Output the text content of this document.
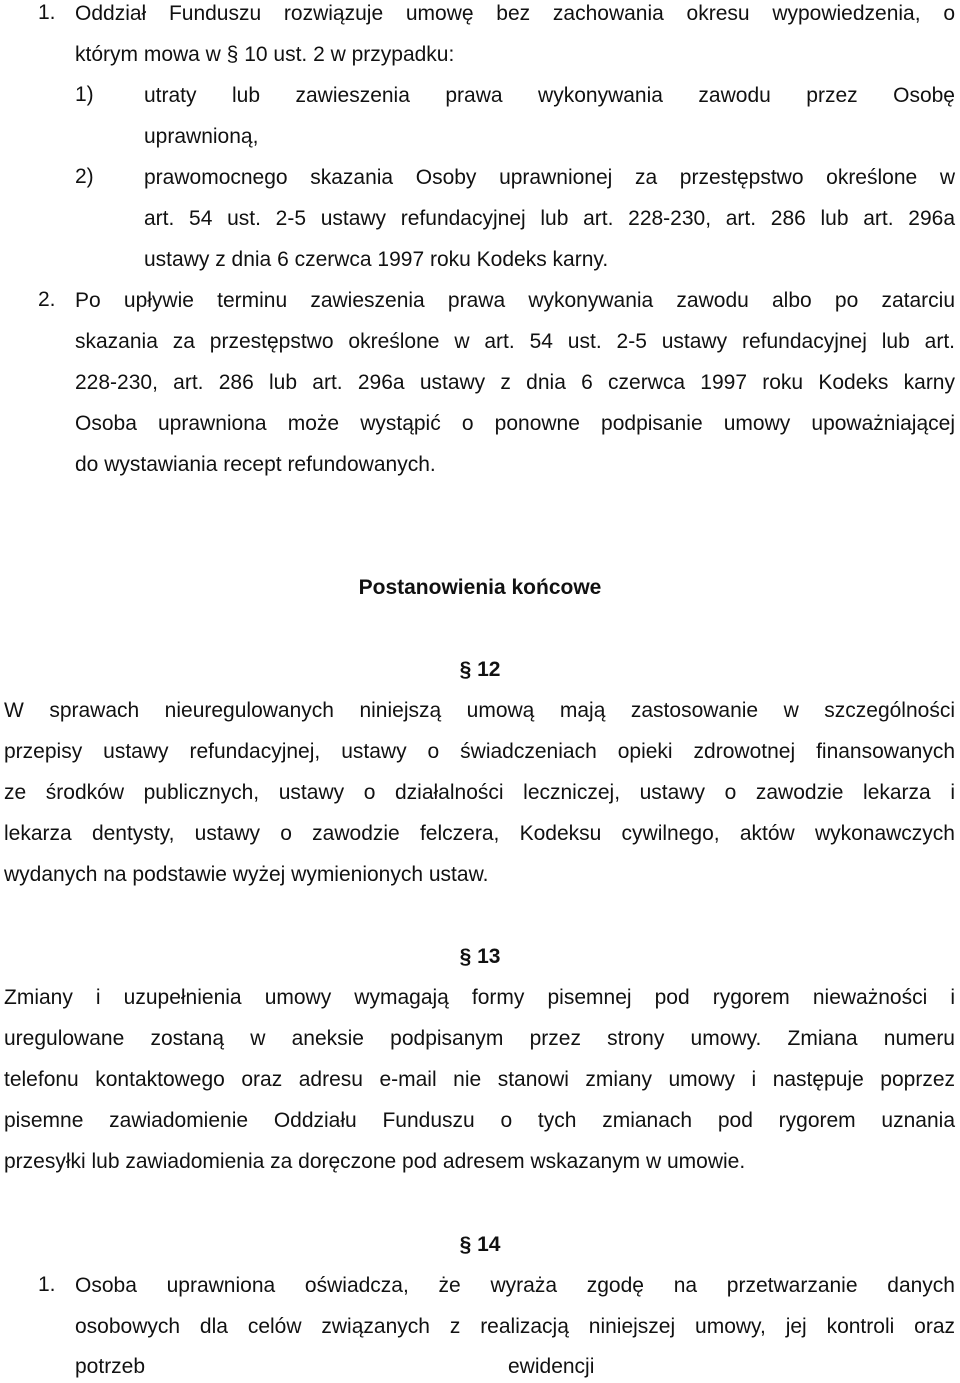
1. Oddział Funduszu rozwiązuje umowę bez zachowania okresu wypowiedzenia, o
którym mowa w § 10 ust. 2 w przypadku:
1) utraty lub zawieszenia prawa wykonywania zawodu przez Osobę
uprawnioną,
2) prawomocnego skazania Osoby uprawnionej za przestępstwo określone w
art. 54 ust. 2-5 ustawy refundacyjnej lub art. 228-230, art. 286 lub art. 296a
ustawy z dnia 6 czerwca 1997 roku Kodeks karny.
2. Po upływie terminu zawieszenia prawa wykonywania zawodu albo po zatarciu
skazania za przestępstwo określone w art. 54 ust. 2-5 ustawy refundacyjnej lub art.
228-230, art. 286 lub art. 296a ustawy z dnia 6 czerwca 1997 roku Kodeks karny
Osoba uprawniona może wystąpić o ponowne podpisanie umowy upoważniającej
do wystawiania recept refundowanych.
Postanowienia końcowe
§ 12
W sprawach nieuregulowanych niniejszą umową mają zastosowanie w szczególności
przepisy ustawy refundacyjnej, ustawy o świadczeniach opieki zdrowotnej finansowanych
ze środków publicznych, ustawy o działalności leczniczej, ustawy o zawodzie lekarza i
lekarza dentysty, ustawy o zawodzie felczera, Kodeksu cywilnego, aktów wykonawczych
wydanych na podstawie wyżej wymienionych ustaw.
§ 13
Zmiany i uzupełnienia umowy wymagają formy pisemnej pod rygorem nieważności i
uregulowane zostaną w aneksie podpisanym przez strony umowy. Zmiana numeru
telefonu kontaktowego oraz adresu e-mail nie stanowi zmiany umowy i następuje poprzez
pisemne zawiadomienie Oddziału Funduszu o tych zmianach pod rygorem uznania
przesyłki lub zawiadomienia za doręczone pod adresem wskazanym w umowie.
§ 14
1. Osoba uprawniona oświadcza, że wyraża zgodę na przetwarzanie danych
osobowych dla celów związanych z realizacją niniejszej umowy, jej kontroli oraz
potrzeb	ewidencji
